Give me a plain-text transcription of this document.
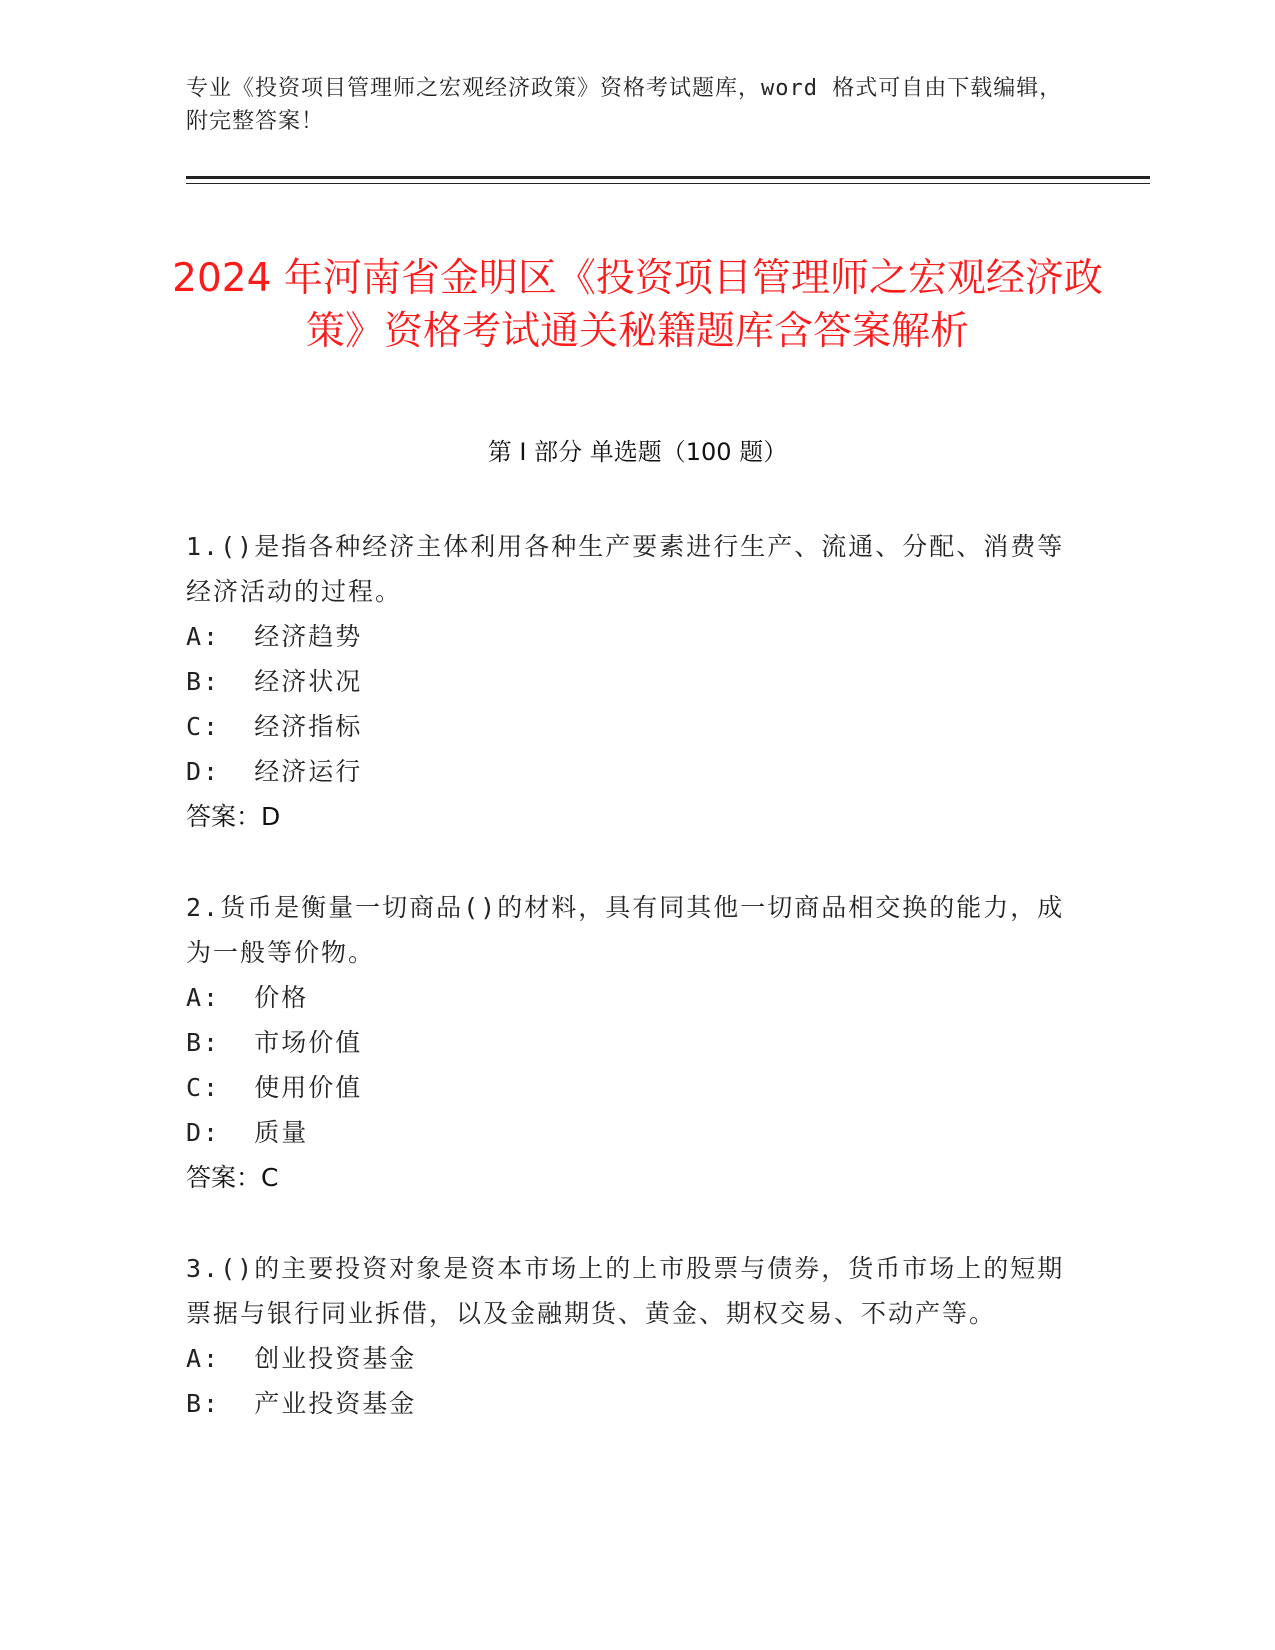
专业《投资项目管理师之宏观经济政策》资格考试题库，word 格式可自由下载编辑，附完整答案！
2024 年河南省金明区《投资项目管理师之宏观经济政策》资格考试通关秘籍题库含答案解析
第 I 部分 单选题（100 题）

1.()是指各种经济主体利用各种生产要素进行生产、流通、分配、消费等经济活动的过程。

A:  经济趋势
B:  经济状况
C:  经济指标
D:  经济运行
答案：D

2.货币是衡量一切商品()的材料，具有同其他一切商品相交换的能力，成为一般等价物。

A:  价格
B:  市场价值
C:  使用价值
D:  质量
答案：C

3.()的主要投资对象是资本市场上的上市股票与债券，货币市场上的短期票据与银行同业拆借，以及金融期货、黄金、期权交易、不动产等。

A:  创业投资基金
B:  产业投资基金
